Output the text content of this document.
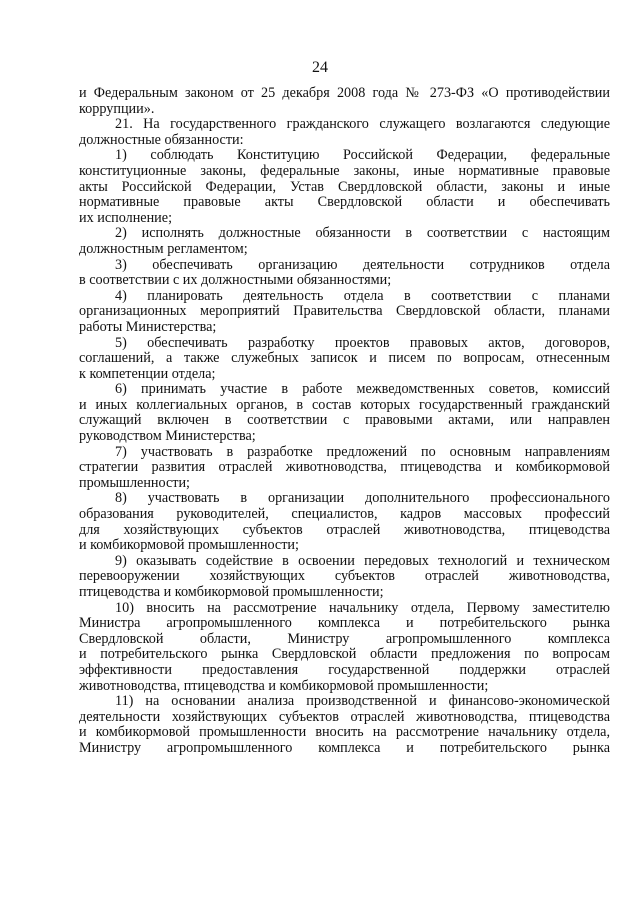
24

и Федеральным законом от 25 декабря 2008 года № 273-ФЗ «О противодействии
коррупции».

21. На государственного гражданского служащего возлагаются следующие
должностные обязанности:

1) соблюдать Конституцию Российской Федерации, федеральные
конституционные законы, федеральные законы, иные нормативные правовые
акты Российской Федерации, Устав Свердловской области, законы и иные
нормативные правовые акты Свердловской области и обеспечивать
их исполнение;

2) исполнять должностные обязанности в соответствии с настоящим
должностным регламентом;

3) обеспечивать организацию деятельности сотрудников отдела
в соответствии с их должностными обязанностями;

4) планировать деятельность отдела в соответствии с планами
организационных мероприятий Правительства Свердловской области, планами
работы Министерства;

5) обеспечивать разработку проектов правовых актов, договоров,
соглашений, а также служебных записок и писем по вопросам, отнесенным
к компетенции отдела;

6) принимать участие в работе межведомственных советов, комиссий
и иных коллегиальных органов, в состав которых государственный гражданский
служащий включен в соответствии с правовыми актами, или направлен
руководством Министерства;

7) участвовать в разработке предложений по основным направлениям
стратегии развития отраслей животноводства, птицеводства и комбикормовой
промышленности;

8) участвовать в организации дополнительного профессионального
образования руководителей, специалистов, кадров массовых профессий
для хозяйствующих субъектов отраслей животноводства, птицеводства
и комбикормовой промышленности;

9) оказывать содействие в освоении передовых технологий и техническом
перевооружении хозяйствующих субъектов отраслей животноводства,
птицеводства и комбикормовой промышленности;

10) вносить на рассмотрение начальнику отдела, Первому заместителю
Министра агропромышленного комплекса и потребительского рынка
Свердловской области, Министру агропромышленного комплекса
и потребительского рынка Свердловской области предложения по вопросам
эффективности предоставления государственной поддержки отраслей
животноводства, птицеводства и комбикормовой промышленности;

11) на основании анализа производственной и финансово-экономической
деятельности хозяйствующих субъектов отраслей животноводства, птицеводства
и комбикормовой промышленности вносить на рассмотрение начальнику отдела,
Министру агропромышленного комплекса и потребительского рынка
